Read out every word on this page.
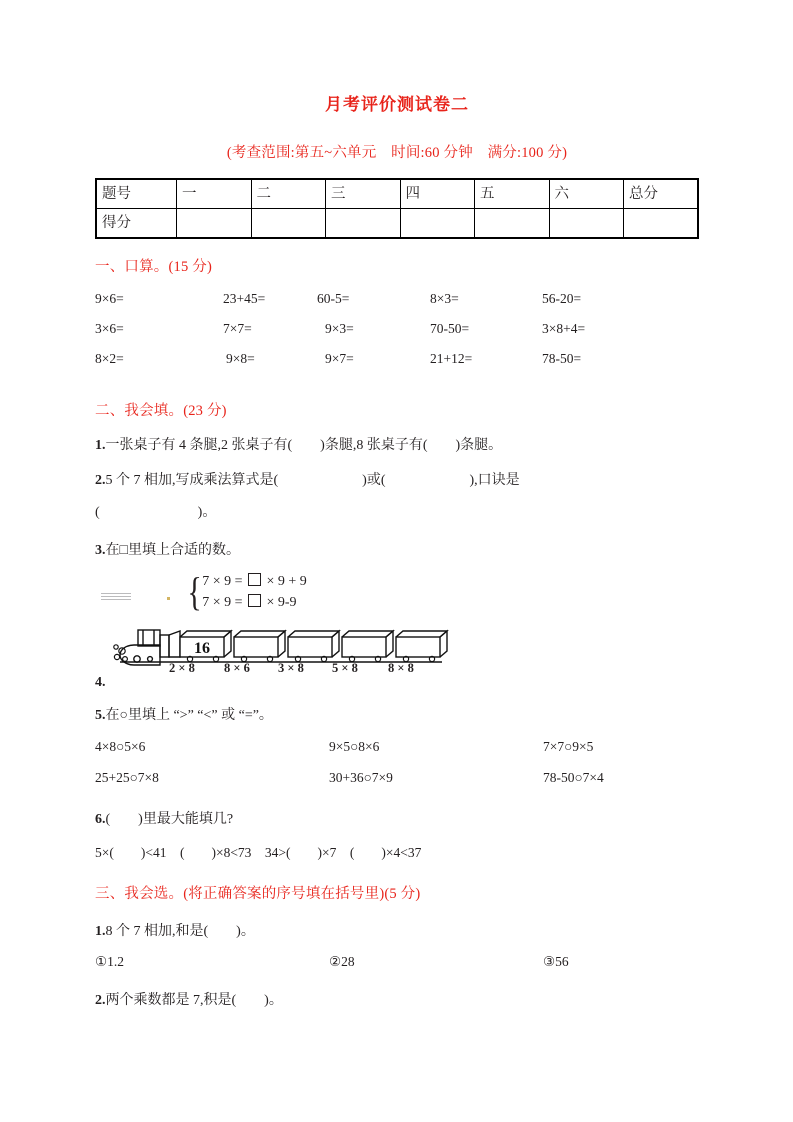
月考评价测试卷二
(考查范围:第五~六单元　时间:60 分钟　满分:100 分)
题号	一	二	三	四	五	六	总分
得分							
一、口算。(15 分)
9×6=	23+45=	60-5=	8×3=	56-20=
3×6=	7×7=	9×3=	70-50=	3×8+4=
8×2=	9×8=	9×7=	21+12=	78-50=
二、我会填。(23 分)
1.一张桌子有 4 条腿,2 张桌子有(　　)条腿,8 张桌子有(　　)条腿。
2.5 个 7 相加,写成乘法算式是(　　　　　　)或(　　　　　　),口诀是
(　　　　　　　)。
3.在□里填上合适的数。
{ 7 × 9 =  × 9 + 9
7 × 9 =  × 9-9
16
2 × 8 8 × 6 3 × 8 5 × 8 8 × 8
4.
5.在○里填上 “>” “<” 或 “=”。
4×8○5×6	9×5○8×6	7×7○9×5
25+25○7×8	30+36○7×9	78-50○7×4
6.(　　)里最大能填几?
5×(　　)<41　(　　)×8<73　34>(　　)×7　(　　)×4<37
三、我会选。(将正确答案的序号填在括号里)(5 分)
1.8 个 7 相加,和是(　　)。
①1.2	②28	③56
2.两个乘数都是 7,积是(　　)。
